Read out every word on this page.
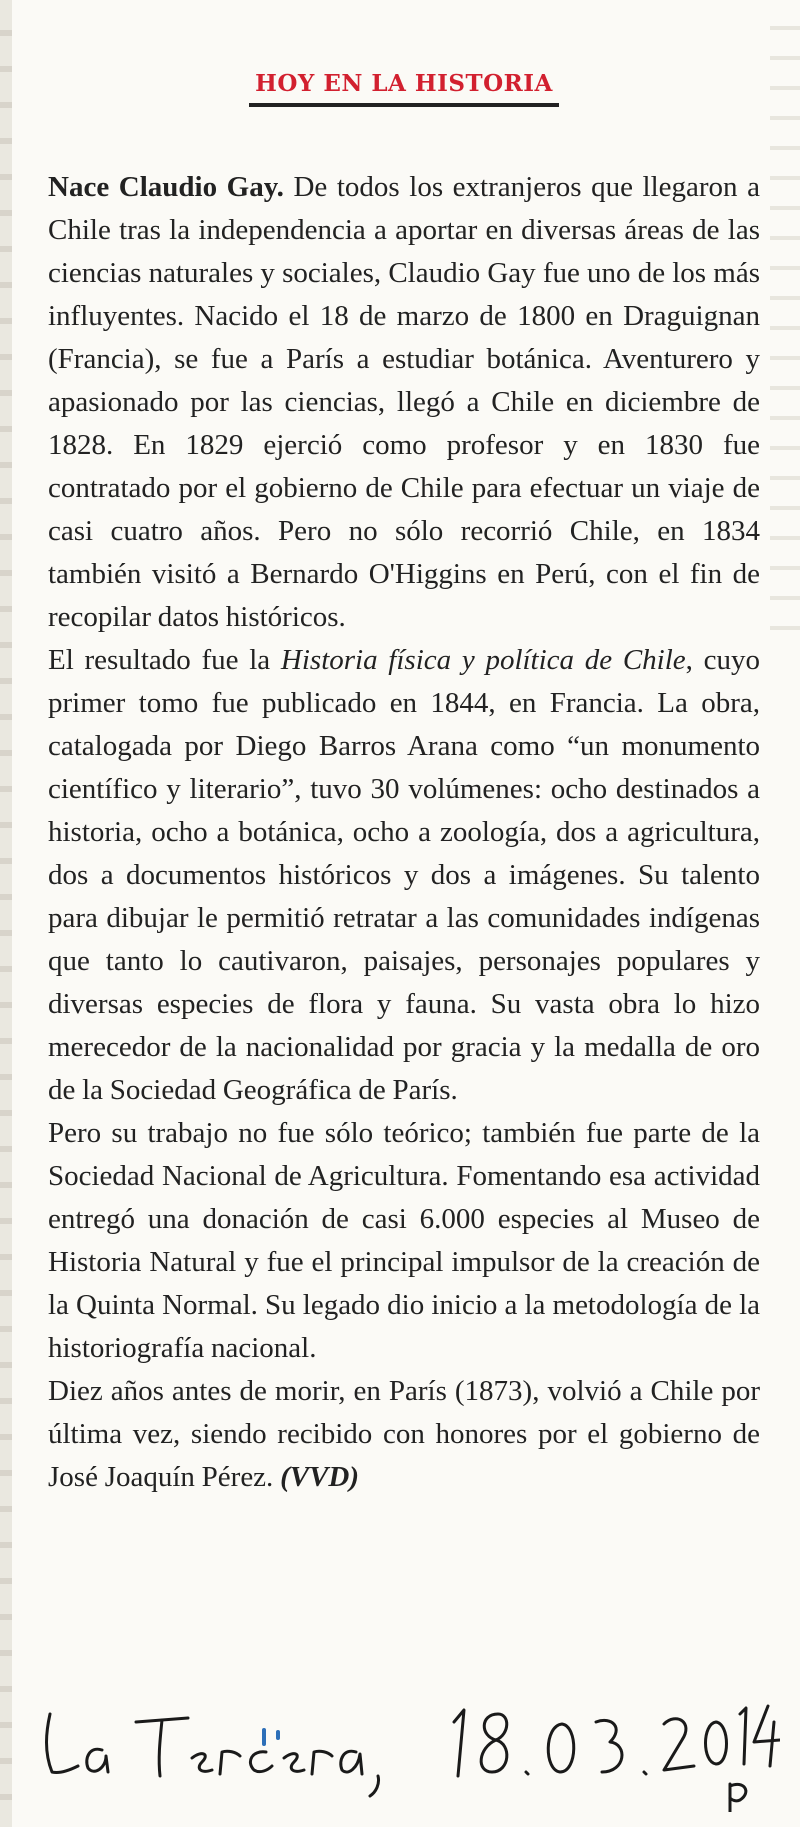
HOY EN LA HISTORIA

Nace Claudio Gay. De todos los extranjeros que llegaron a Chile tras la independencia a aportar en diversas áreas de las ciencias naturales y sociales, Claudio Gay fue uno de los más influyentes. Nacido el 18 de marzo de 1800 en Draguignan (Francia), se fue a París a estudiar botánica. Aventurero y apasionado por las ciencias, llegó a Chile en diciembre de 1828. En 1829 ejerció como profesor y en 1830 fue contratado por el gobierno de Chile para efectuar un viaje de casi cuatro años. Pero no sólo recorrió Chile, en 1834 también visitó a Bernardo O'Higgins en Perú, con el fin de recopilar datos históricos.

El resultado fue la Historia física y política de Chile, cuyo primer tomo fue publicado en 1844, en Francia. La obra, catalogada por Diego Barros Arana como “un monumento científico y literario”, tuvo 30 volúmenes: ocho destinados a historia, ocho a botánica, ocho a zoología, dos a agricultura, dos a documentos históricos y dos a imágenes. Su talento para dibujar le permitió retratar a las comunidades indígenas que tanto lo cautivaron, paisajes, personajes populares y diversas especies de flora y fauna. Su vasta obra lo hizo merecedor de la nacionalidad por gracia y la medalla de oro de la Sociedad Geográfica de París.

Pero su trabajo no fue sólo teórico; también fue parte de la Sociedad Nacional de Agricultura. Fomentando esa actividad entregó una donación de casi 6.000 especies al Museo de Historia Natural y fue el principal impulsor de la creación de la Quinta Normal. Su legado dio inicio a la metodología de la historiografía nacional.

Diez años antes de morir, en París (1873), volvió a Chile por última vez, siendo recibido con honores por el gobierno de José Joaquín Pérez. (VVD)
